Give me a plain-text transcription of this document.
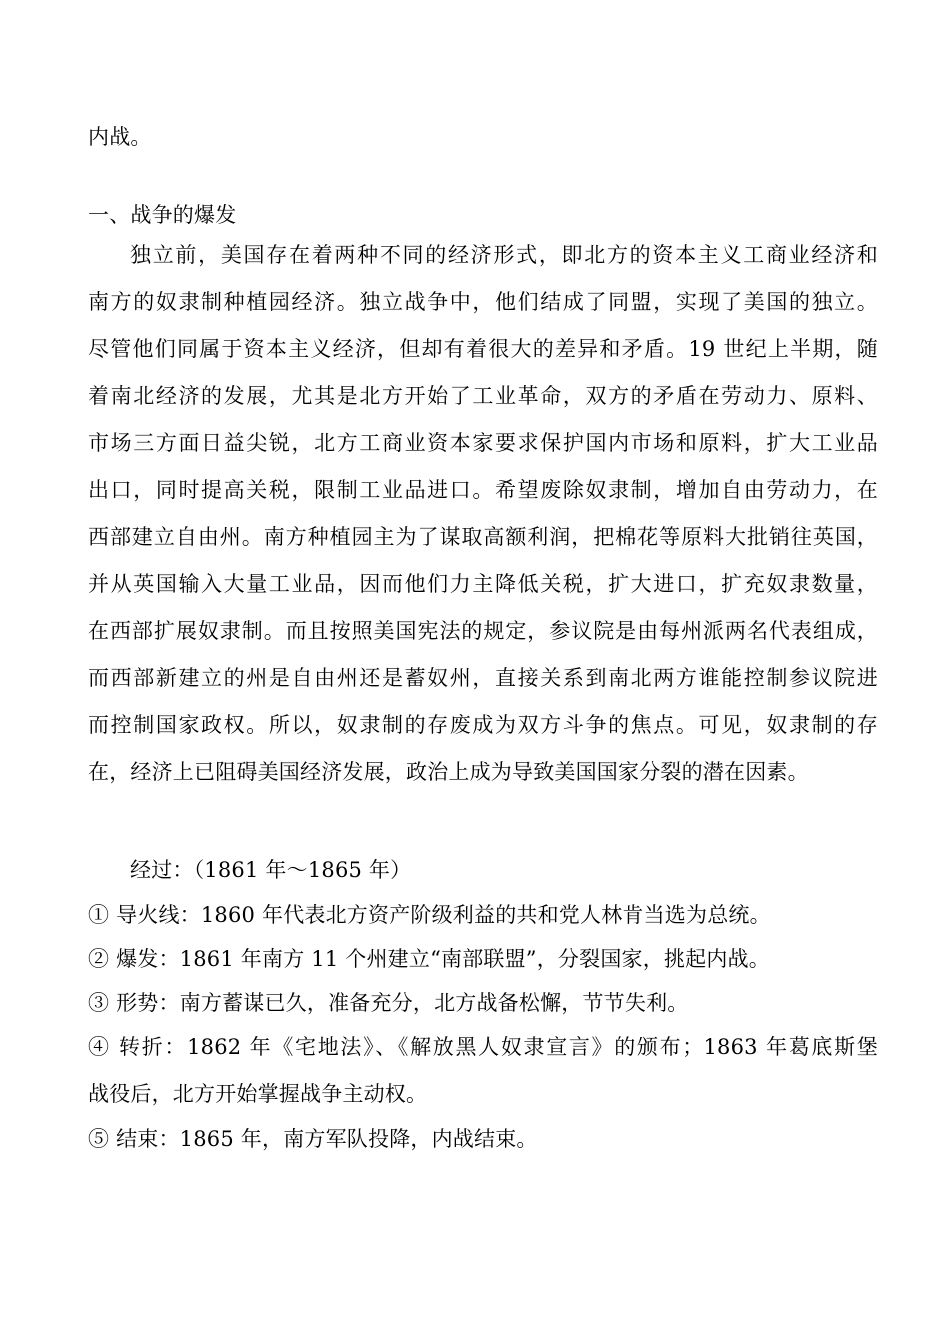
内战。
一、战争的爆发
独立前，美国存在着两种不同的经济形式，即北方的资本主义工商业经济和
南方的奴隶制种植园经济。独立战争中，他们结成了同盟，实现了美国的独立。
尽管他们同属于资本主义经济，但却有着很大的差异和矛盾。19 世纪上半期，随
着南北经济的发展，尤其是北方开始了工业革命，双方的矛盾在劳动力、原料、
市场三方面日益尖锐，北方工商业资本家要求保护国内市场和原料，扩大工业品
出口，同时提高关税，限制工业品进口。希望废除奴隶制，增加自由劳动力，在
西部建立自由州。南方种植园主为了谋取高额利润，把棉花等原料大批销往英国，
并从英国输入大量工业品，因而他们力主降低关税，扩大进口，扩充奴隶数量，
在西部扩展奴隶制。而且按照美国宪法的规定，参议院是由每州派两名代表组成，
而西部新建立的州是自由州还是蓄奴州，直接关系到南北两方谁能控制参议院进
而控制国家政权。所以，奴隶制的存废成为双方斗争的焦点。可见，奴隶制的存
在，经济上已阻碍美国经济发展，政治上成为导致美国国家分裂的潜在因素。
经过：（1861 年～1865 年）
① 导火线：1860 年代表北方资产阶级利益的共和党人林肯当选为总统。
② 爆发：1861 年南方 11 个州建立“南部联盟”，分裂国家，挑起内战。
③ 形势：南方蓄谋已久，准备充分，北方战备松懈，节节失利。
④ 转折：1862 年《宅地法》、《解放黑人奴隶宣言》的颁布；1863 年葛底斯堡
战役后，北方开始掌握战争主动权。
⑤ 结束：1865 年，南方军队投降，内战结束。
